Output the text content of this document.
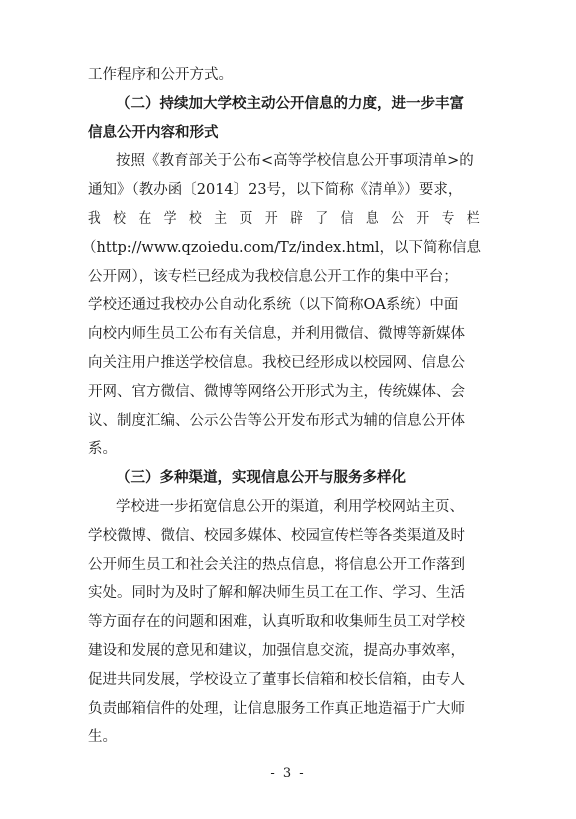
工作程序和公开方式。
（二）持续加大学校主动公开信息的力度，进一步丰富
信息公开内容和形式
按照《教育部关于公布<高等学校信息公开事项清单>的
通知》（教办函〔2014〕23号，以下简称《清单》）要求，
我校在学校主页开辟了信息公开专栏
（http://www.qzoiedu.com/Tz/index.html，以下简称信息
公开网），该专栏已经成为我校信息公开工作的集中平台；
学校还通过我校办公自动化系统（以下简称OA系统）中面
向校内师生员工公布有关信息，并利用微信、微博等新媒体
向关注用户推送学校信息。我校已经形成以校园网、信息公
开网、官方微信、微博等网络公开形式为主，传统媒体、会
议、制度汇编、公示公告等公开发布形式为辅的信息公开体
系。
（三）多种渠道，实现信息公开与服务多样化
学校进一步拓宽信息公开的渠道，利用学校网站主页、
学校微博、微信、校园多媒体、校园宣传栏等各类渠道及时
公开师生员工和社会关注的热点信息，将信息公开工作落到
实处。同时为及时了解和解决师生员工在工作、学习、生活
等方面存在的问题和困难，认真听取和收集师生员工对学校
建设和发展的意见和建议，加强信息交流，提高办事效率，
促进共同发展，学校设立了董事长信箱和校长信箱，由专人
负责邮箱信件的处理，让信息服务工作真正地造福于广大师
生。
- 3 -
